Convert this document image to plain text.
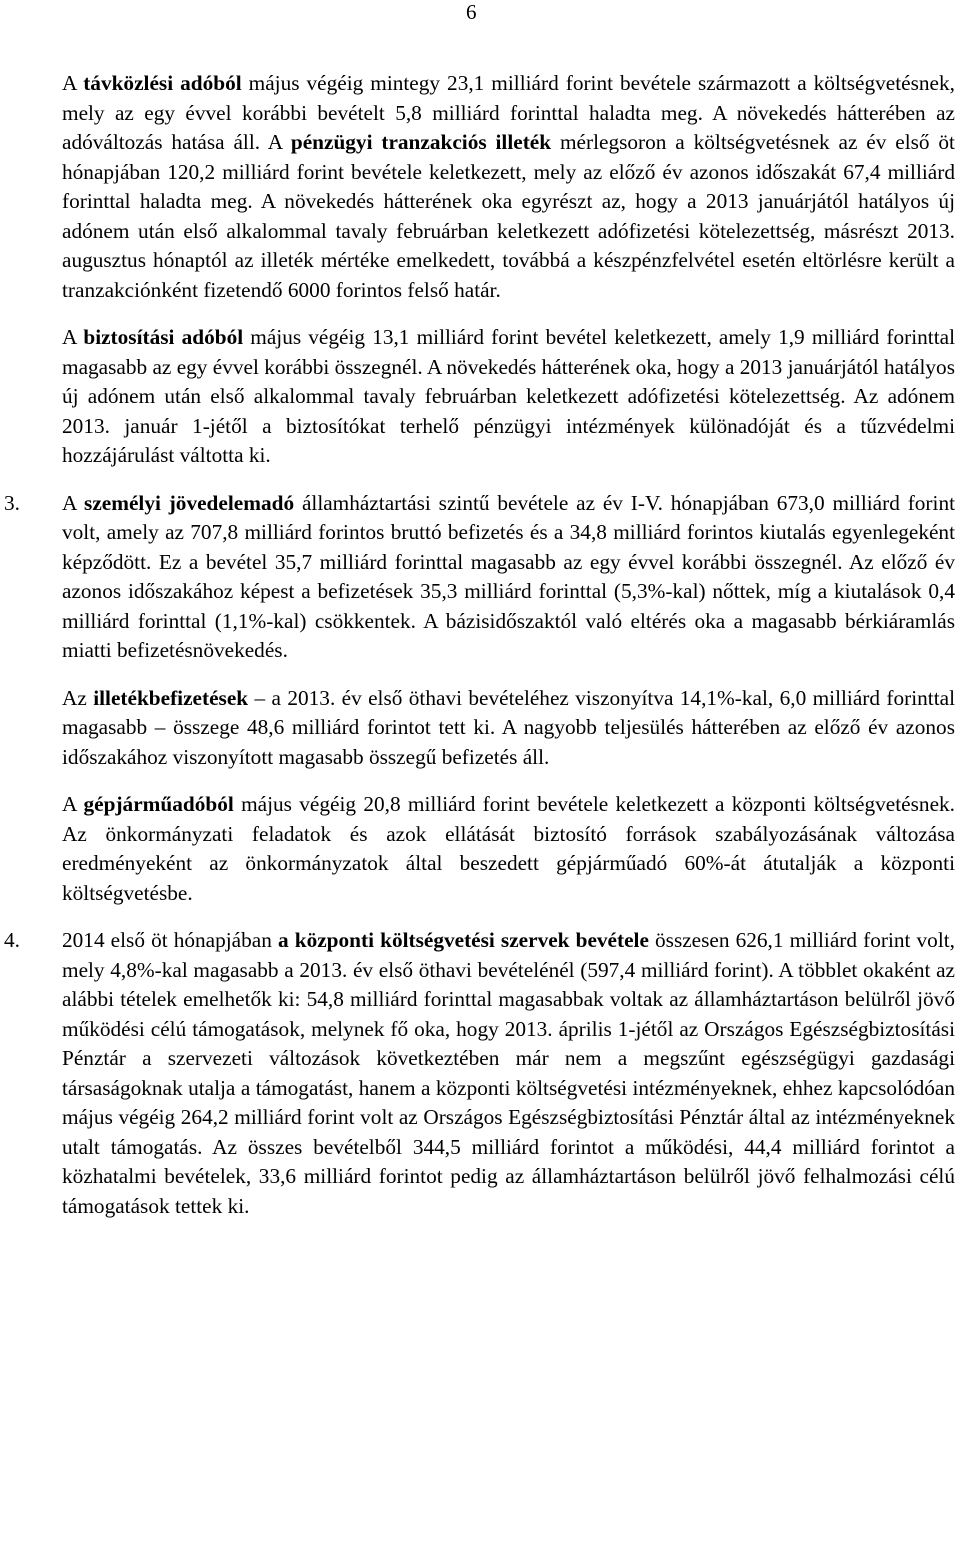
6

A távközlési adóból május végéig mintegy 23,1 milliárd forint bevétele származott a költségvetésnek, mely az egy évvel korábbi bevételt 5,8 milliárd forinttal haladta meg. A növekedés hátterében az adóváltozás hatása áll. A pénzügyi tranzakciós illeték mérlegsoron a költségvetésnek az év első öt hónapjában 120,2 milliárd forint bevétele keletkezett, mely az előző év azonos időszakát 67,4 milliárd forinttal haladta meg. A növekedés hátterének oka egyrészt az, hogy a 2013 januárjától hatályos új adónem után első alkalommal tavaly februárban keletkezett adófizetési kötelezettség, másrészt 2013. augusztus hónaptól az illeték mértéke emelkedett, továbbá a készpénzfelvétel esetén eltörlésre került a tranzakciónként fizetendő 6000 forintos felső határ.

A biztosítási adóból május végéig 13,1 milliárd forint bevétel keletkezett, amely 1,9 milliárd forinttal magasabb az egy évvel korábbi összegnél. A növekedés hátterének oka, hogy a 2013 januárjától hatályos új adónem után első alkalommal tavaly februárban keletkezett adófizetési kötelezettség. Az adónem 2013. január 1-jétől a biztosítókat terhelő pénzügyi intézmények különadóját és a tűzvédelmi hozzájárulást váltotta ki.

3. A személyi jövedelemadó államháztartási szintű bevétele az év I-V. hónapjában 673,0 milliárd forint volt, amely az 707,8 milliárd forintos bruttó befizetés és a 34,8 milliárd forintos kiutalás egyenlegeként képződött. Ez a bevétel 35,7 milliárd forinttal magasabb az egy évvel korábbi összegnél. Az előző év azonos időszakához képest a befizetések 35,3 milliárd forinttal (5,3%-kal) nőttek, míg a kiutalások 0,4 milliárd forinttal (1,1%-kal) csökkentek. A bázisidőszaktól való eltérés oka a magasabb bérkiáramlás miatti befizetésnövekedés.

Az illetékbefizetések – a 2013. év első öthavi bevételéhez viszonyítva 14,1%-kal, 6,0 milliárd forinttal magasabb – összege 48,6 milliárd forintot tett ki. A nagyobb teljesülés hátterében az előző év azonos időszakához viszonyított magasabb összegű befizetés áll.

A gépjárműadóból május végéig 20,8 milliárd forint bevétele keletkezett a központi költségvetésnek. Az önkormányzati feladatok és azok ellátását biztosító források szabályozásának változása eredményeként az önkormányzatok által beszedett gépjárműadó 60%-át átutalják a központi költségvetésbe.

4. 2014 első öt hónapjában a központi költségvetési szervek bevétele összesen 626,1 milliárd forint volt, mely 4,8%-kal magasabb a 2013. év első öthavi bevételénél (597,4 milliárd forint). A többlet okaként az alábbi tételek emelhetők ki: 54,8 milliárd forinttal magasabbak voltak az államháztartáson belülről jövő működési célú támogatások, melynek fő oka, hogy 2013. április 1-jétől az Országos Egészségbiztosítási Pénztár a szervezeti változások következtében már nem a megszűnt egészségügyi gazdasági társaságoknak utalja a támogatást, hanem a központi költségvetési intézményeknek, ehhez kapcsolódóan május végéig 264,2 milliárd forint volt az Országos Egészségbiztosítási Pénztár által az intézményeknek utalt támogatás. Az összes bevételből 344,5 milliárd forintot a működési, 44,4 milliárd forintot a közhatalmi bevételek, 33,6 milliárd forintot pedig az államháztartáson belülről jövő felhalmozási célú támogatások tettek ki.
